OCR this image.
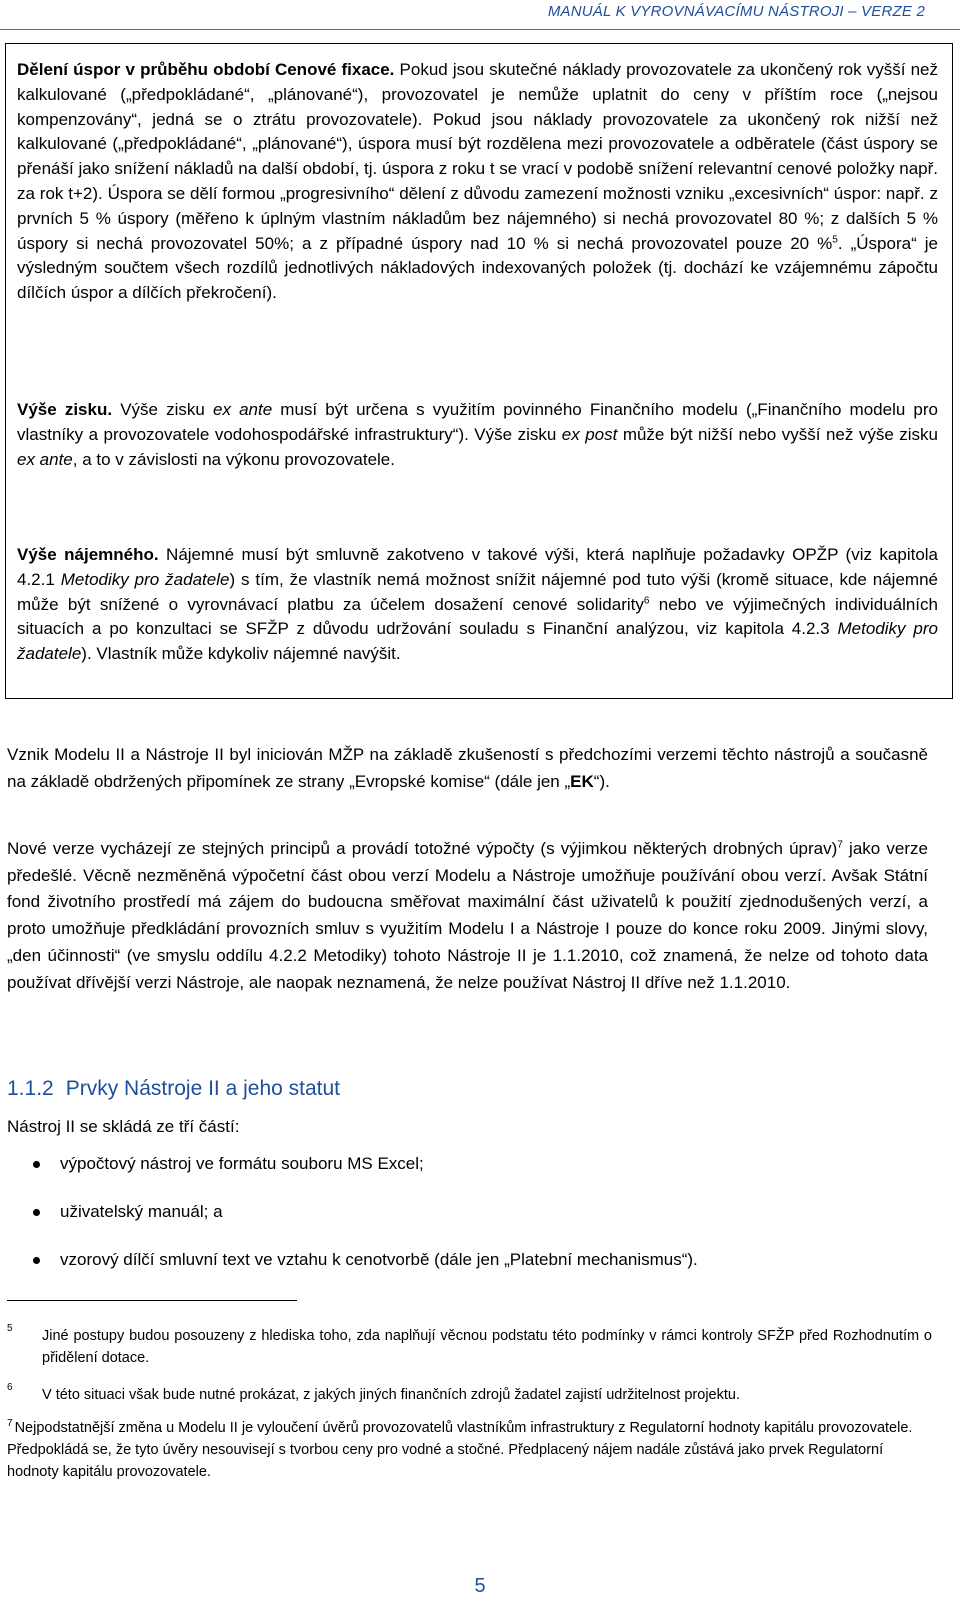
MANUÁL K VYROVNÁVACÍMU NÁSTROJI – VERZE 2

Dělení úspor v průběhu období Cenové fixace. Pokud jsou skutečné náklady provozovatele za ukončený rok vyšší než kalkulované („předpokládané“, „plánované“), provozovatel je nemůže uplatnit do ceny v příštím roce („nejsou kompenzovány“, jedná se o ztrátu provozovatele). Pokud jsou náklady provozovatele za ukončený rok nižší než kalkulované („předpokládané“, „plánované“), úspora musí být rozdělena mezi provozovatele a odběratele (část úspory se přenáší jako snížení nákladů na další období, tj. úspora z roku t se vrací v podobě snížení relevantní cenové položky např. za rok t+2). Úspora se dělí formou „progresivního“ dělení z důvodu zamezení možnosti vzniku „excesivních“ úspor: např. z prvních 5 % úspory (měřeno k úplným vlastním nákladům bez nájemného) si nechá provozovatel 80 %; z dalších 5 % úspory si nechá provozovatel 50%; a z případné úspory nad 10 % si nechá provozovatel pouze 20 %$^5$. „Úspora“ je výsledným součtem všech rozdílů jednotlivých nákladových indexovaných položek (tj. dochází ke vzájemnému zápočtu dílčích úspor a dílčích překročení).

Výše zisku. Výše zisku ex ante musí být určena s využitím povinného Finančního modelu („Finančního modelu pro vlastníky a provozovatele vodohospodářské infrastruktury“). Výše zisku ex post může být nižší nebo vyšší než výše zisku ex ante, a to v závislosti na výkonu provozovatele.

Výše nájemného. Nájemné musí být smluvně zakotveno v takové výši, která naplňuje požadavky OPŽP (viz kapitola 4.2.1 Metodiky pro žadatele) s tím, že vlastník nemá možnost snížit nájemné pod tuto výši (kromě situace, kde nájemné může být snížené o vyrovnávací platbu za účelem dosažení cenové solidarity$^6$ nebo ve výjimečných individuálních situacích a po konzultaci se SFŽP z důvodu udržování souladu s Finanční analýzou, viz kapitola 4.2.3 Metodiky pro žadatele). Vlastník může kdykoliv nájemné navýšit.

Vznik Modelu II a Nástroje II byl iniciován MŽP na základě zkušeností s předchozími verzemi těchto nástrojů a současně na základě obdržených připomínek ze strany „Evropské komise“ (dále jen „EK“).

Nové verze vycházejí ze stejných principů a provádí totožné výpočty (s výjimkou některých drobných úprav)$^7$ jako verze předešlé. Věcně nezměněná výpočetní část obou verzí Modelu a Nástroje umožňuje používání obou verzí. Avšak Státní fond životního prostředí má zájem do budoucna směřovat maximální část uživatelů k použití zjednodušených verzí, a proto umožňuje předkládání provozních smluv s využitím Modelu I a Nástroje I pouze do konce roku 2009. Jinými slovy, „den účinnosti“ (ve smyslu oddílu 4.2.2 Metodiky) tohoto Nástroje II je 1.1.2010, což znamená, že nelze od tohoto data používat dřívější verzi Nástroje, ale naopak neznamená, že nelze používat Nástroj II dříve než 1.1.2010.

1.1.2 Prvky Nástroje II a jeho statut

Nástroj II se skládá ze tří částí:

výpočtový nástroj ve formátu souboru MS Excel;
uživatelský manuál; a
vzorový dílčí smluvní text ve vztahu k cenotvorbě (dále jen „Platební mechanismus“).
5 Jiné postupy budou posouzeny z hlediska toho, zda naplňují věcnou podstatu této podmínky v rámci kontroly SFŽP před Rozhodnutím o přidělení dotace.
6 V této situaci však bude nutné prokázat, z jakých jiných finančních zdrojů žadatel zajistí udržitelnost projektu.
$^7$ Nejpodstatnější změna u Modelu II je vyloučení úvěrů provozovatelů vlastníkům infrastruktury z Regulatorní hodnoty kapitálu provozovatele. Předpokládá se, že tyto úvěry nesouvisejí s tvorbou ceny pro vodné a stočné. Předplacený nájem nadále zůstává jako prvek Regulatorní hodnoty kapitálu provozovatele.
5
